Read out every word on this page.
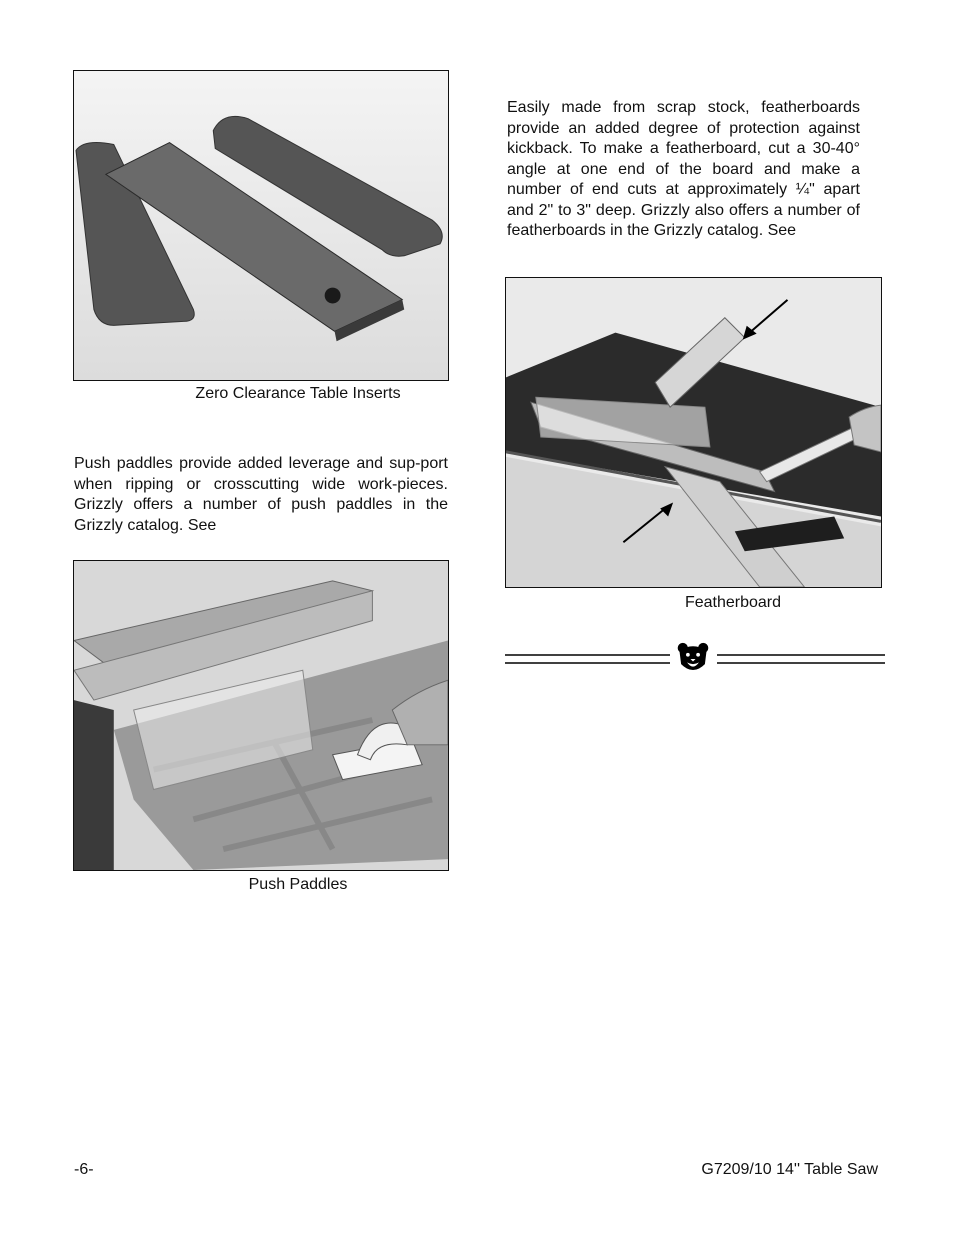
Zero Clearance Table Inserts
Push paddles provide added leverage and sup-port when ripping or crosscutting wide work-pieces. Grizzly offers a number of push paddles in the Grizzly catalog. See
Push Paddles
Easily made from scrap stock, featherboards provide an added degree of protection against kickback. To make a featherboard, cut a 30-40° angle at one end of the board and make a number of end cuts at approximately ¼" apart and 2" to 3" deep. Grizzly also offers a number of featherboards in the Grizzly catalog. See
Featherboard
-6-	G7209/10 14'' Table Saw
